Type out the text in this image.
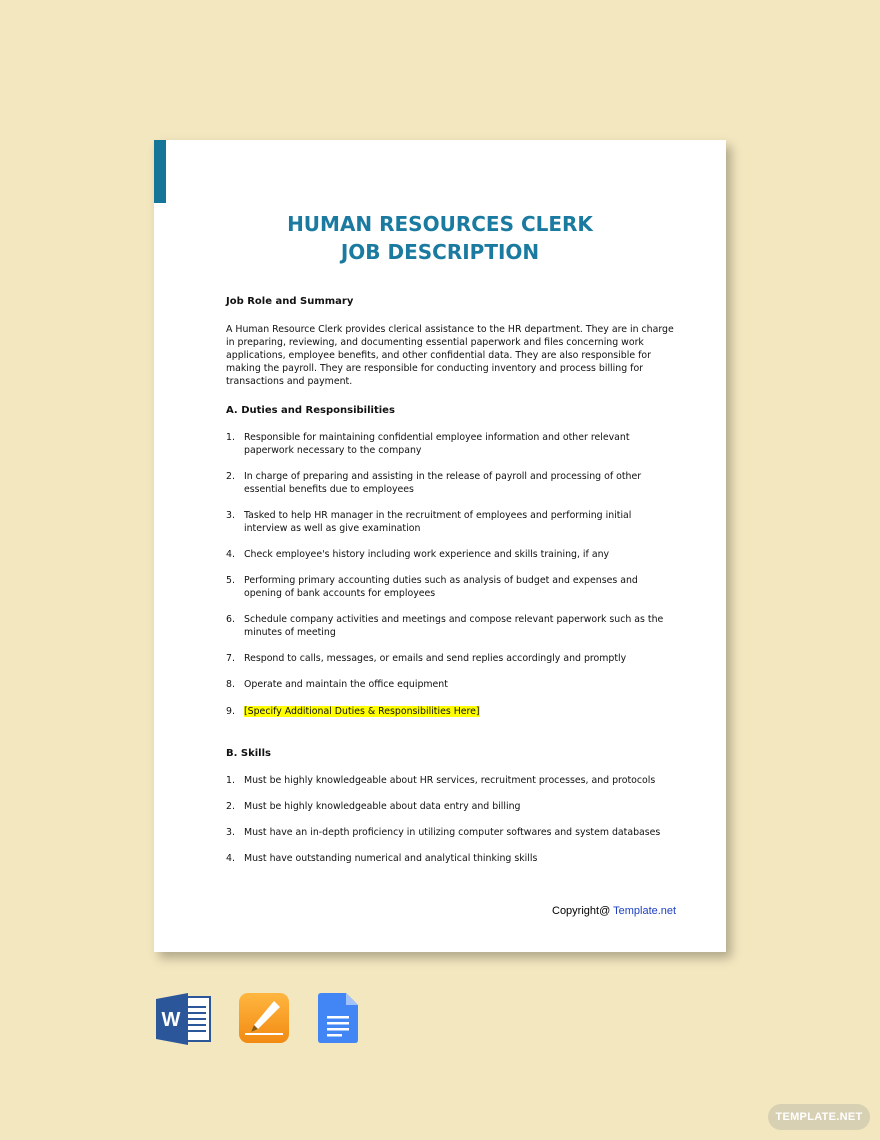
HUMAN RESOURCES CLERK
JOB DESCRIPTION
Job Role and Summary
A Human Resource Clerk provides clerical assistance to the HR department. They are in charge in preparing, reviewing, and documenting essential paperwork and files concerning work applications, employee benefits, and other confidential data. They are also responsible for making the payroll. They are responsible for conducting inventory and process billing for transactions and payment.
A. Duties and Responsibilities
1. Responsible for maintaining confidential employee information and other relevant paperwork necessary to the company
2. In charge of preparing and assisting in the release of payroll and processing of other essential benefits due to employees
3. Tasked to help HR manager in the recruitment of employees and performing initial interview as well as give examination
4. Check employee's history including work experience and skills training, if any
5. Performing primary accounting duties such as analysis of budget and expenses and opening of bank accounts for employees
6. Schedule company activities and meetings and compose relevant paperwork such as the minutes of meeting
7. Respond to calls, messages, or emails and send replies accordingly and promptly
8. Operate and maintain the office equipment
9. [Specify Additional Duties & Responsibilities Here]
B. Skills
1. Must be highly knowledgeable about HR services, recruitment processes, and protocols
2. Must be highly knowledgeable about data entry and billing
3. Must have an in-depth proficiency in utilizing computer softwares and system databases
4. Must have outstanding numerical and analytical thinking skills
Copyright@ Template.net
W
TEMPLATE.NET
